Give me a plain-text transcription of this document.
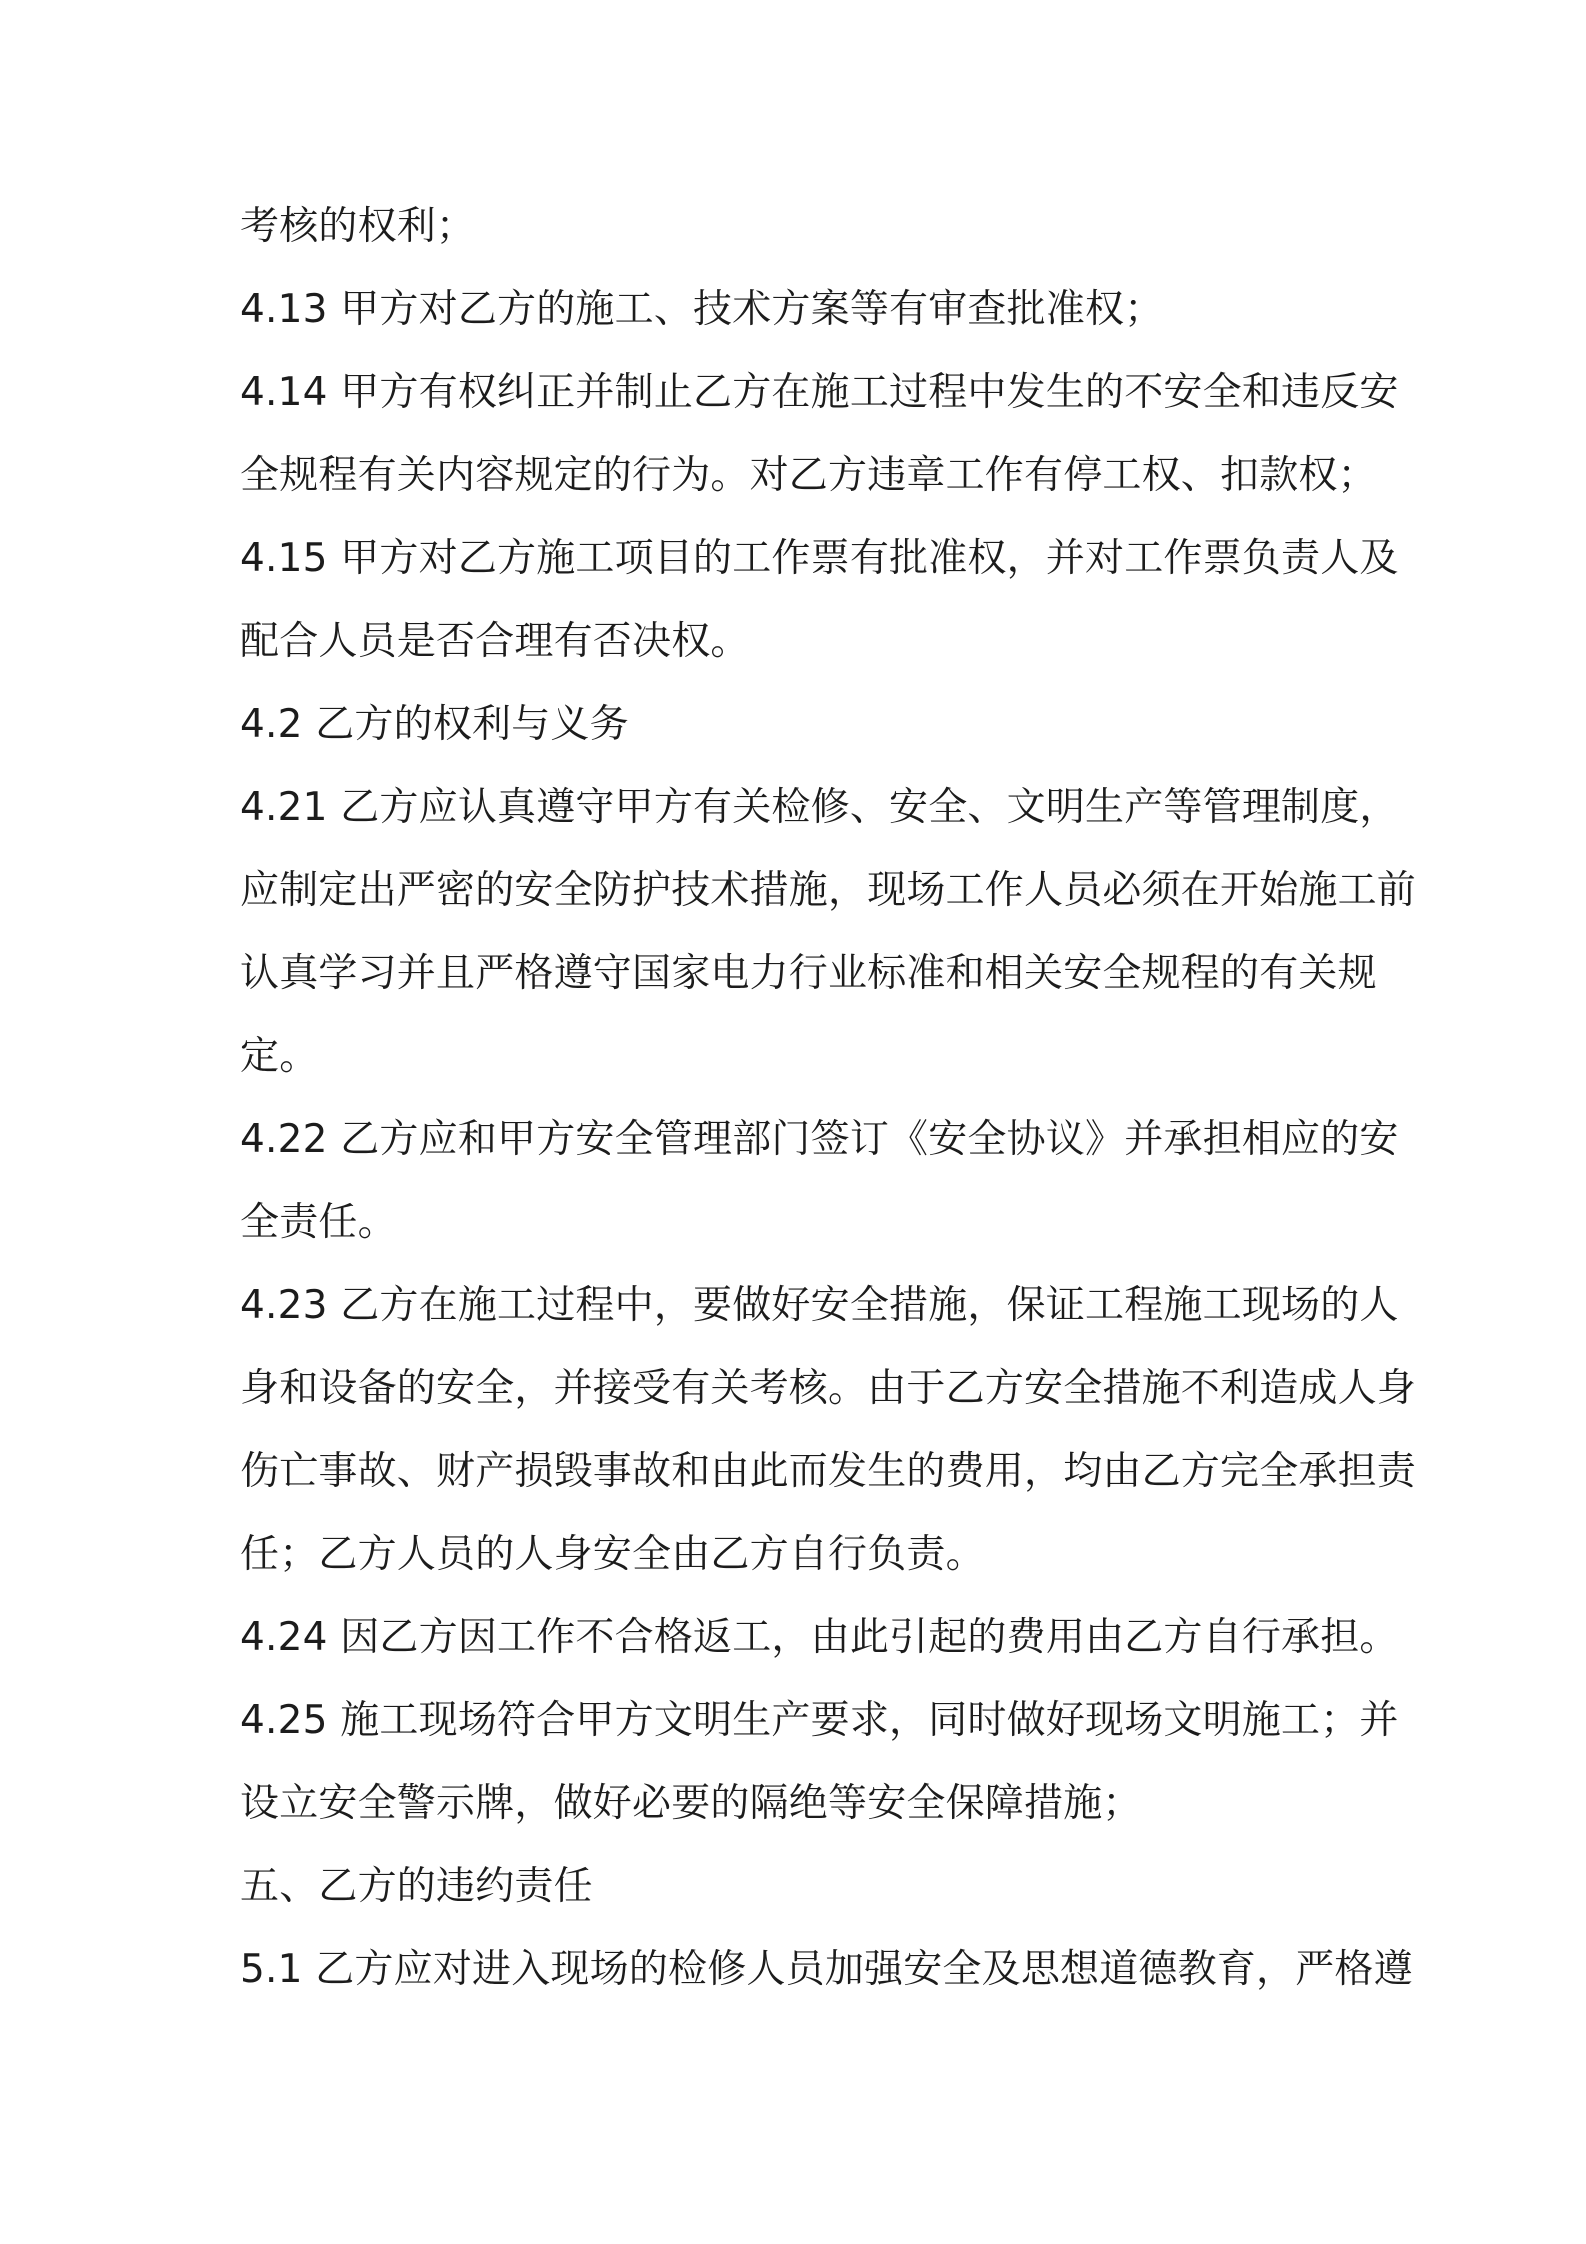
考核的权利；
4.13 甲方对乙方的施工、技术方案等有审查批准权；
4.14 甲方有权纠正并制止乙方在施工过程中发生的不安全和违反安
全规程有关内容规定的行为。对乙方违章工作有停工权、扣款权；
4.15 甲方对乙方施工项目的工作票有批准权，并对工作票负责人及
配合人员是否合理有否决权。
4.2 乙方的权利与义务
4.21 乙方应认真遵守甲方有关检修、安全、文明生产等管理制度，
应制定出严密的安全防护技术措施，现场工作人员必须在开始施工前
认真学习并且严格遵守国家电力行业标准和相关安全规程的有关规
定。
4.22 乙方应和甲方安全管理部门签订《安全协议》并承担相应的安
全责任。
4.23 乙方在施工过程中，要做好安全措施，保证工程施工现场的人
身和设备的安全，并接受有关考核。由于乙方安全措施不利造成人身
伤亡事故、财产损毁事故和由此而发生的费用，均由乙方完全承担责
任；乙方人员的人身安全由乙方自行负责。
4.24 因乙方因工作不合格返工，由此引起的费用由乙方自行承担。
4.25 施工现场符合甲方文明生产要求，同时做好现场文明施工；并
设立安全警示牌，做好必要的隔绝等安全保障措施；
五、乙方的违约责任
5.1 乙方应对进入现场的检修人员加强安全及思想道德教育，严格遵
